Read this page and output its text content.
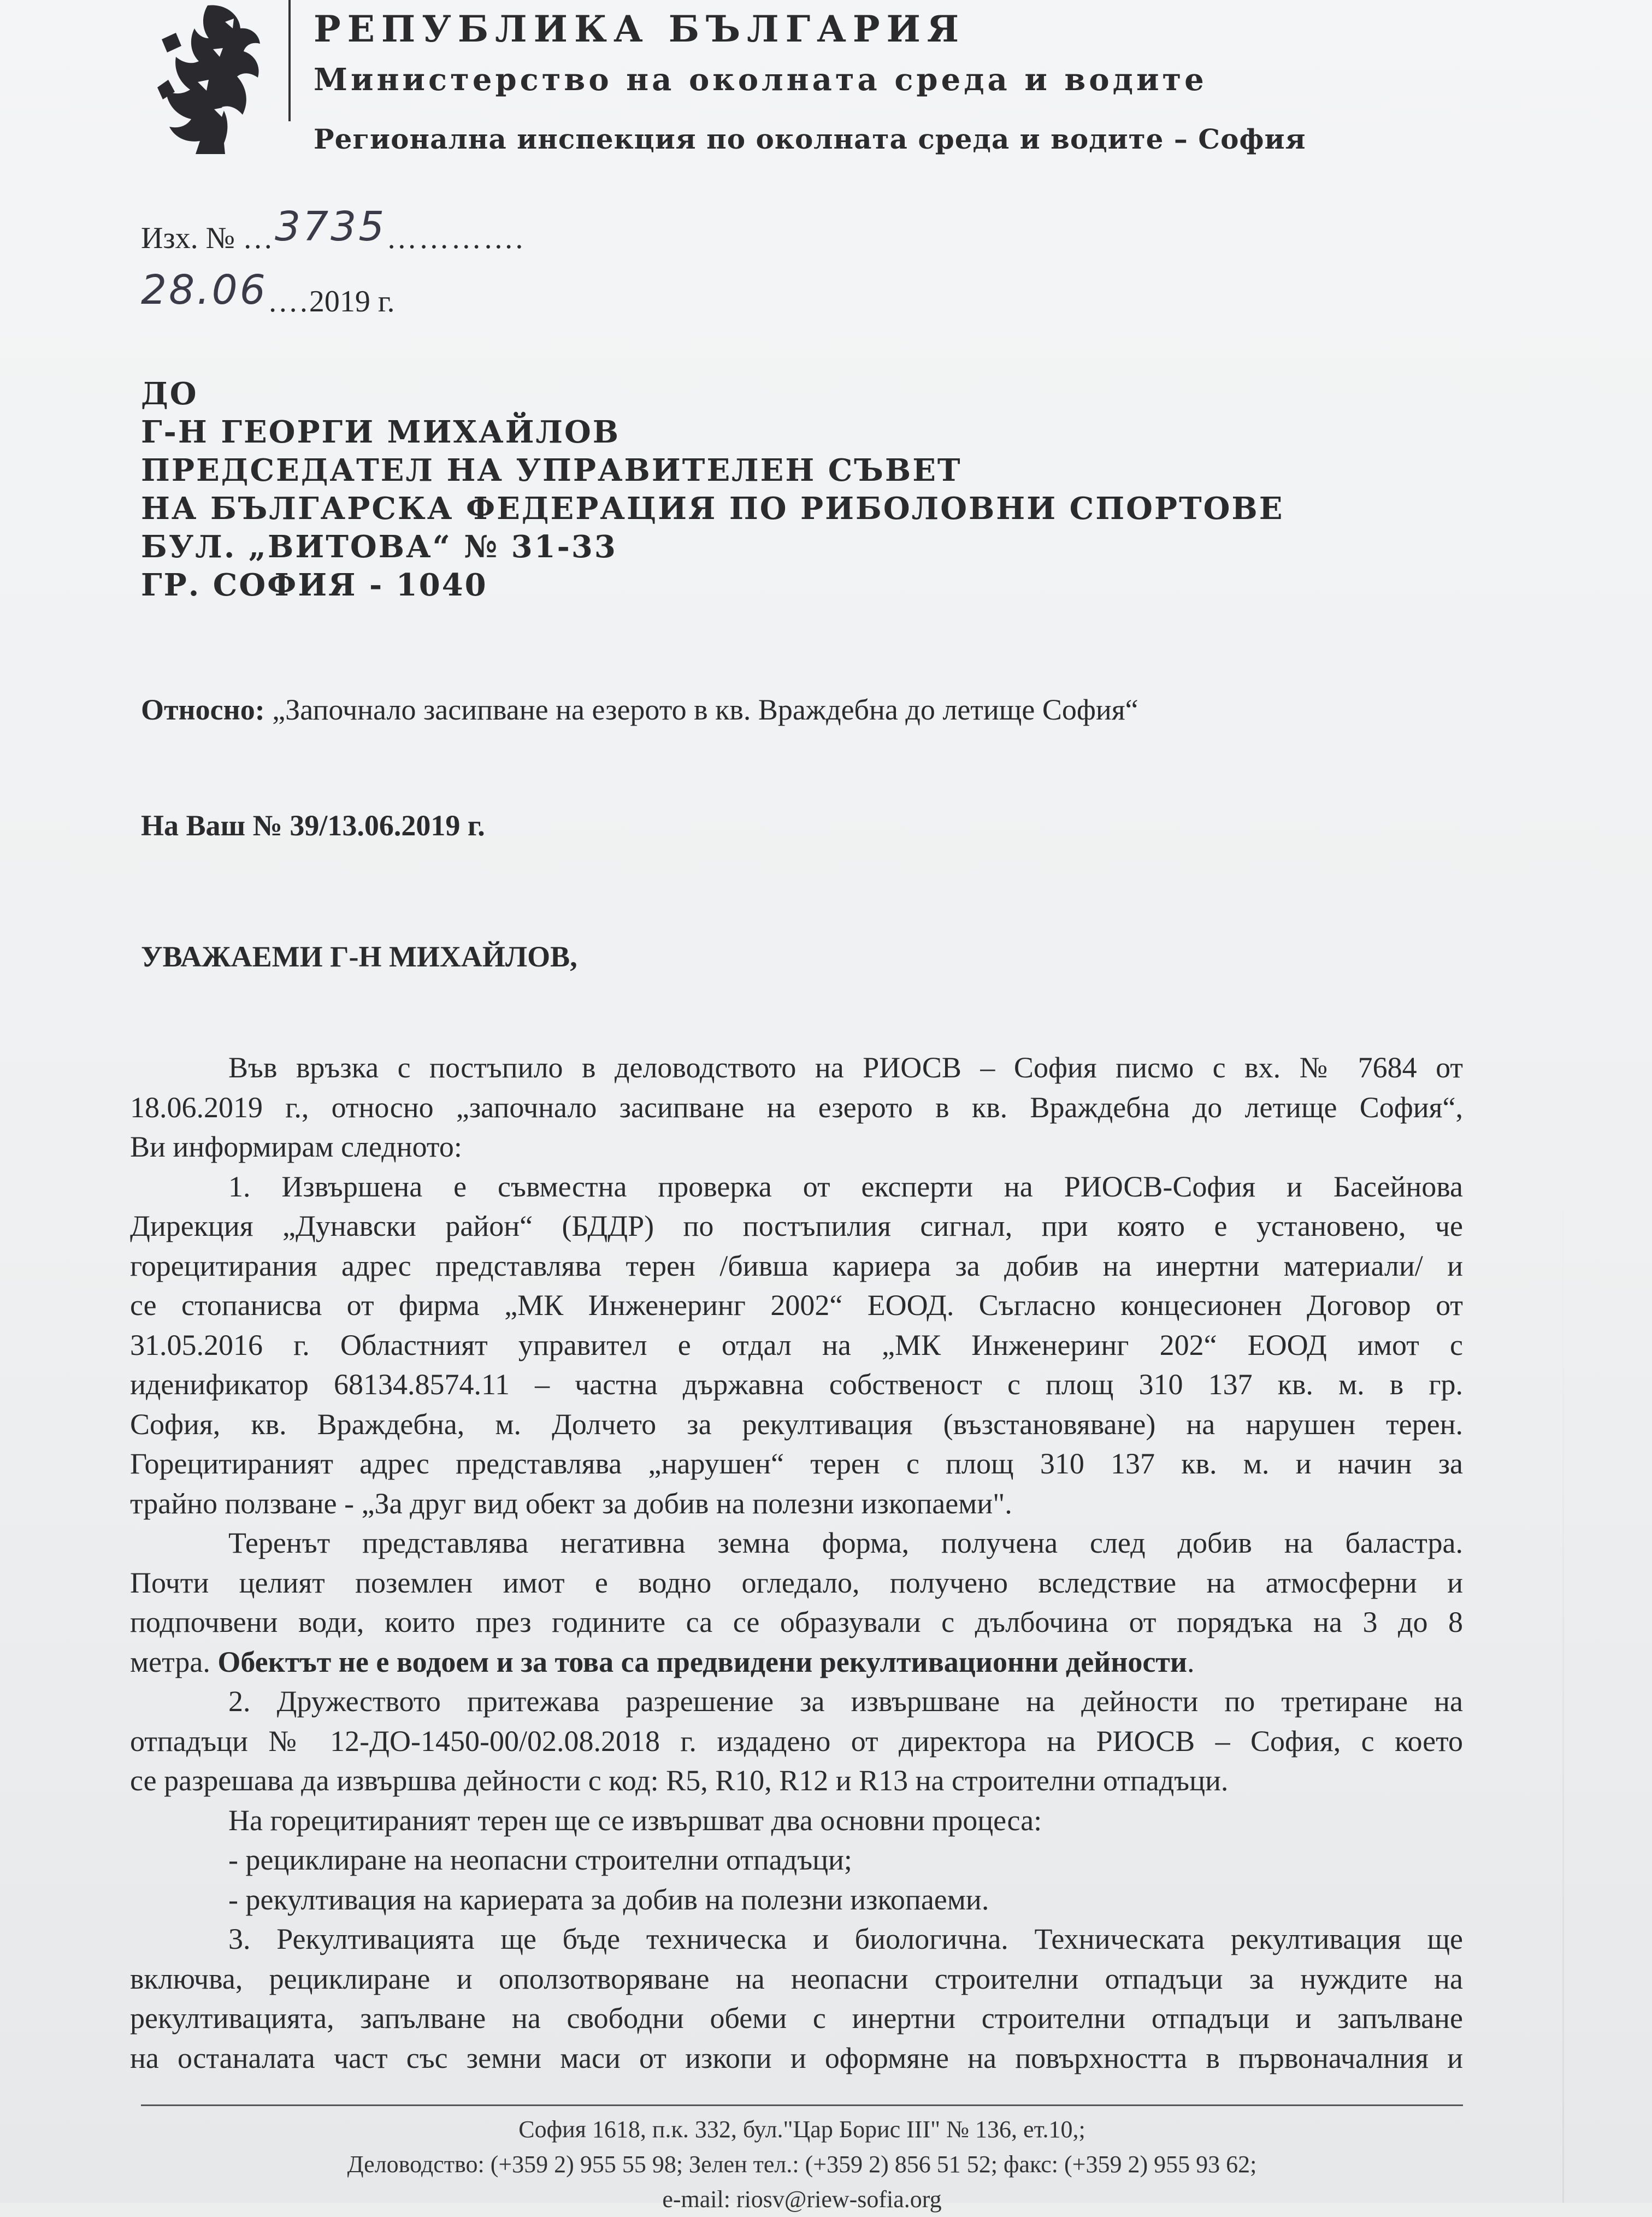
РЕПУБЛИКА БЪЛГАРИЯ
Министерство на околната среда и водите
Регионална инспекция по околната среда и водите – София
Изх. № …3735………….
28.06….2019 г.
ДО
Г-Н ГЕОРГИ МИХАЙЛОВ
ПРЕДСЕДАТЕЛ НА УПРАВИТЕЛЕН СЪВЕТ
НА БЪЛГАРСКА ФЕДЕРАЦИЯ ПО РИБОЛОВНИ СПОРТОВЕ
БУЛ. „ВИТОВА“ № 31-33
ГР. СОФИЯ - 1040
Относно: „Започнало засипване на езерото в кв. Враждебна до летище София“
На Ваш № 39/13.06.2019 г.
УВАЖАЕМИ Г-Н МИХАЙЛОВ,

Във връзка с постъпило в деловодството на РИОСВ – София писмо с вх. № 7684 от

18.06.2019 г., относно „започнало засипване на езерото в кв. Враждебна до летище София“,

Ви информирам следното:

1. Извършена е съвместна проверка от експерти на РИОСВ-София и Басейнова

Дирекция „Дунавски район“ (БДДР) по постъпилия сигнал, при която е установено, че

горецитирания адрес представлява терен /бивша кариера за добив на инертни материали/ и

се стопанисва от фирма „МК Инженеринг 2002“ ЕООД. Съгласно концесионен Договор от

31.05.2016 г. Областният управител е отдал на „МК Инженеринг 202“ ЕООД имот с

иденификатор 68134.8574.11 – частна държавна собственост с площ 310 137 кв. м. в гр.

София, кв. Враждебна, м. Долчето за рекултивация (възстановяване) на нарушен терен.

Горецитираният адрес представлява „нарушен“ терен с площ 310 137 кв. м. и начин за

трайно ползване - „За друг вид обект за добив на полезни изкопаеми".

Теренът представлява негативна земна форма, получена след добив на баластра.

Почти целият поземлен имот е водно огледало, получено вследствие на атмосферни и

подпочвени води, които през годините са се образували с дълбочина от порядъка на 3 до 8

метра. Обектът не е водоем и за това са предвидени рекултивационни дейности.

2. Дружеството притежава разрешение за извършване на дейности по третиране на

отпадъци № 12-ДО-1450-00/02.08.2018 г. издадено от директора на РИОСВ – София, с което

се разрешава да извършва дейности с код: R5, R10, R12 и R13 на строителни отпадъци.

На горецитираният терен ще се извършват два основни процеса:

- рециклиране на неопасни строителни отпадъци;

- рекултивация на кариерата за добив на полезни изкопаеми.

3. Рекултивацията ще бъде техническа и биологична. Техническата рекултивация ще

включва, рециклиране и оползотворяване на неопасни строителни отпадъци за нуждите на

рекултивацията, запълване на свободни обеми с инертни строителни отпадъци и запълване

на останалата част със земни маси от изкопи и оформяне на повърхността в първоначалния и

София 1618, п.к. 332, бул."Цар Борис III" № 136, ет.10,;
Деловодство: (+359 2) 955 55 98; Зелен тел.: (+359 2) 856 51 52; факс: (+359 2) 955 93 62;
e-mail: riosv@riew-sofia.org
